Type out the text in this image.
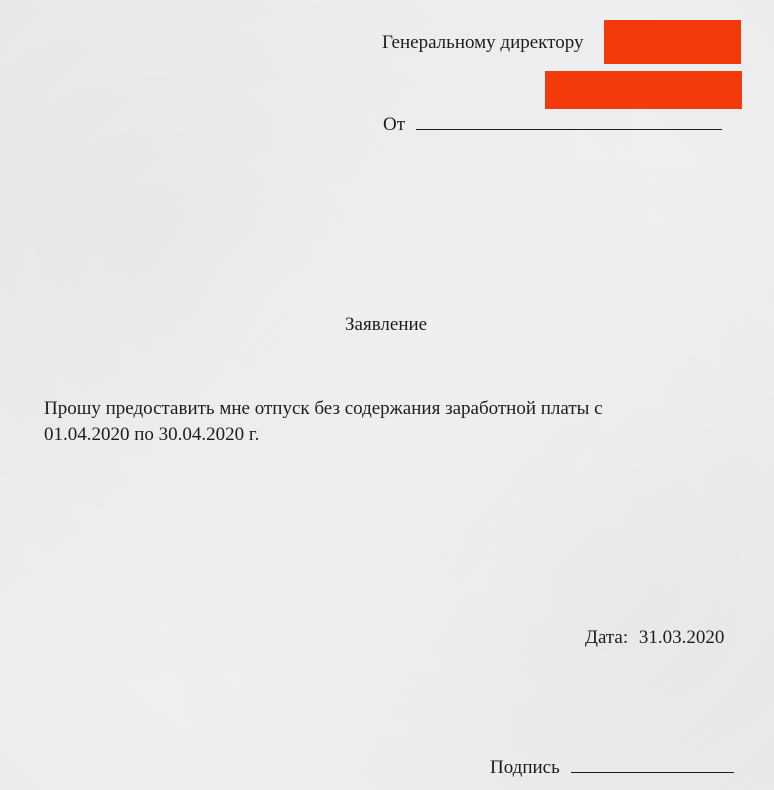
Генеральному директору
От
Заявление
Прошу предоставить мне отпуск без содержания заработной платы с
01.04.2020 по 30.04.2020 г.
Дата: 31.03.2020
Подпись
